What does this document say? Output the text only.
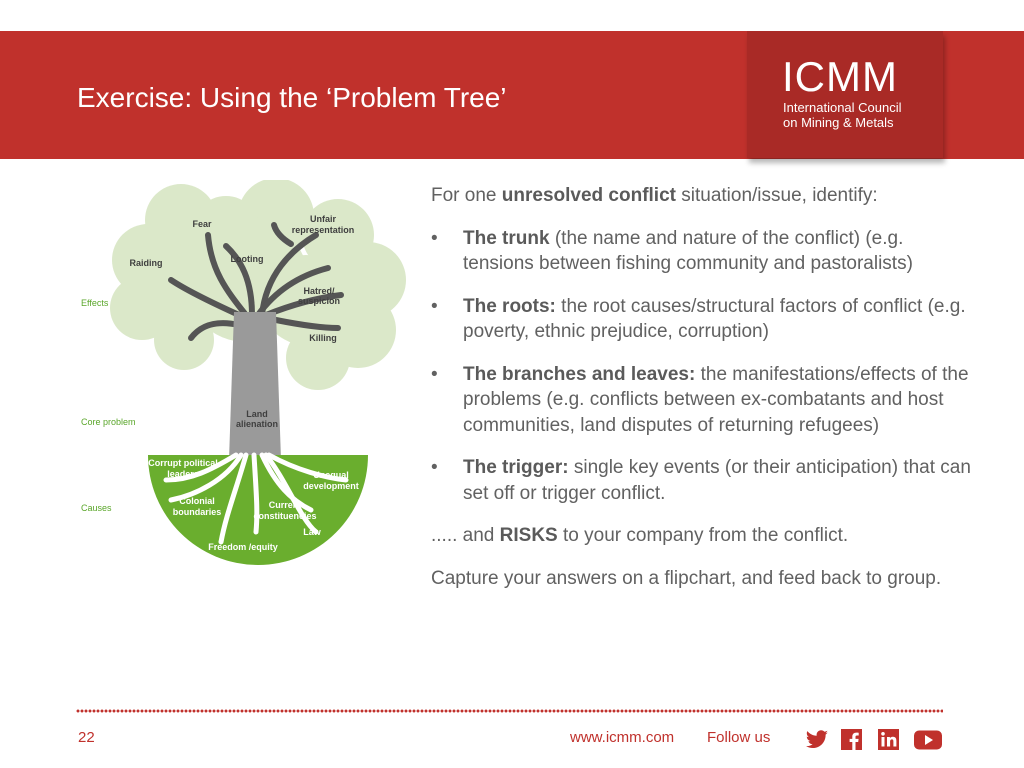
Exercise: Using the ‘Problem Tree’	ICMM
International Council
on Mining & Metals
Effects
Core problem
Causes
Fear	Unfair
representation
Raiding	Looting
Hatred/
suspicion
Killing
Land
alienation
Corrupt political
leaders	Unequal
development
Colonial
boundaries
Current
constituencies
Law
Freedom /equity
For one unresolved conflict situation/issue, identify:
• The trunk (the name and nature of the conflict) (e.g. tensions between fishing community and pastoralists)
• The roots: the root causes/structural factors of conflict (e.g. poverty, ethnic prejudice, corruption)
• The branches and leaves: the manifestations/effects of the problems (e.g. conflicts between ex-combatants and host communities, land disputes of returning refugees)
• The trigger: single key events (or their anticipation) that can set off or trigger conflict.
..... and RISKS to your company from the conflict.
Capture your answers on a flipchart, and feed back to group.
22	www.icmm.com Follow us
